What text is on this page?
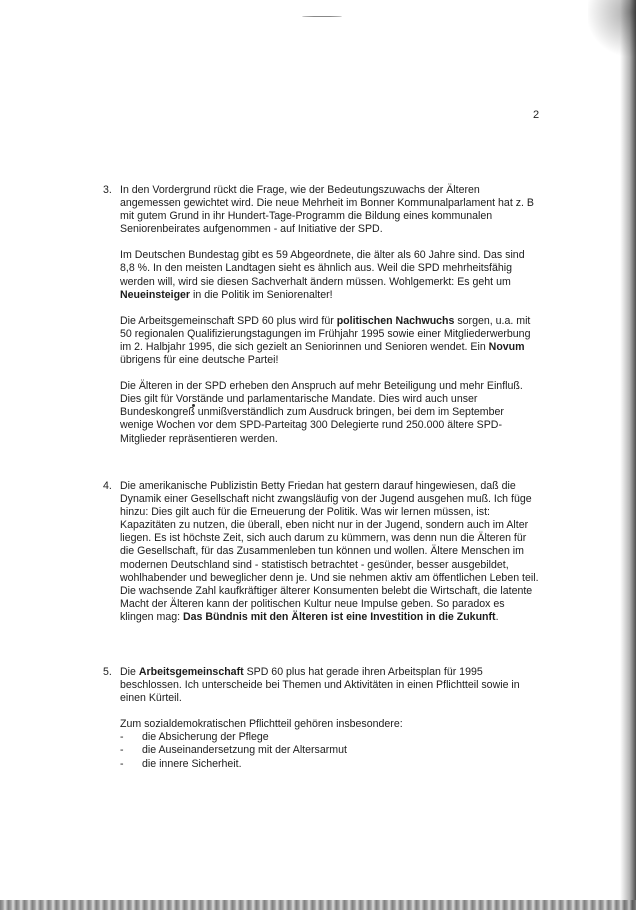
2
3. In den Vordergrund rückt die Frage, wie der Bedeutungszuwachs der Älteren angemessen gewichtet wird. Die neue Mehrheit im Bonner Kommunalparlament hat z. B mit gutem Grund in ihr Hundert-Tage-Programm die Bildung eines kommunalen Seniorenbeirates aufgenommen - auf Initiative der SPD.

Im Deutschen Bundestag gibt es 59 Abgeordnete, die älter als 60 Jahre sind. Das sind 8,8 %. In den meisten Landtagen sieht es ähnlich aus. Weil die SPD mehrheitsfähig werden will, wird sie diesen Sachverhalt ändern müssen. Wohlgemerkt: Es geht um Neueinsteiger in die Politik im Seniorenalter!

Die Arbeitsgemeinschaft SPD 60 plus wird für politischen Nachwuchs sorgen, u.a. mit 50 regionalen Qualifizierungstagungen im Frühjahr 1995 sowie einer Mitgliederwerbung im 2. Halbjahr 1995, die sich gezielt an Seniorinnen und Senioren wendet. Ein Novum übrigens für eine deutsche Partei!

Die Älteren in der SPD erheben den Anspruch auf mehr Beteiligung und mehr Einfluß. Dies gilt für Vorstände und parlamentarische Mandate. Dies wird auch unser Bundeskongreß unmißverständlich zum Ausdruck bringen, bei dem im September wenige Wochen vor dem SPD-Parteitag 300 Delegierte rund 250.000 ältere SPD-Mitglieder repräsentieren werden.

4. Die amerikanische Publizistin Betty Friedan hat gestern darauf hingewiesen, daß die Dynamik einer Gesellschaft nicht zwangsläufig von der Jugend ausgehen muß. Ich füge hinzu: Dies gilt auch für die Erneuerung der Politik. Was wir lernen müssen, ist: Kapazitäten zu nutzen, die überall, eben nicht nur in der Jugend, sondern auch im Alter liegen. Es ist höchste Zeit, sich auch darum zu kümmern, was denn nun die Älteren für die Gesellschaft, für das Zusammenleben tun können und wollen. Ältere Menschen im modernen Deutschland sind - statistisch betrachtet - gesünder, besser ausgebildet, wohlhabender und beweglicher denn je. Und sie nehmen aktiv am öffentlichen Leben teil. Die wachsende Zahl kaufkräftiger älterer Konsumenten belebt die Wirtschaft, die latente Macht der Älteren kann der politischen Kultur neue Impulse geben. So paradox es klingen mag: Das Bündnis mit den Älteren ist eine Investition in die Zukunft.

5. Die Arbeitsgemeinschaft SPD 60 plus hat gerade ihren Arbeitsplan für 1995 beschlossen. Ich unterscheide bei Themen und Aktivitäten in einen Pflichtteil sowie in einen Kürteil.

Zum sozialdemokratischen Pflichtteil gehören insbesondere:

- die Absicherung der Pflege
- die Auseinandersetzung mit der Altersarmut
- die innere Sicherheit.
